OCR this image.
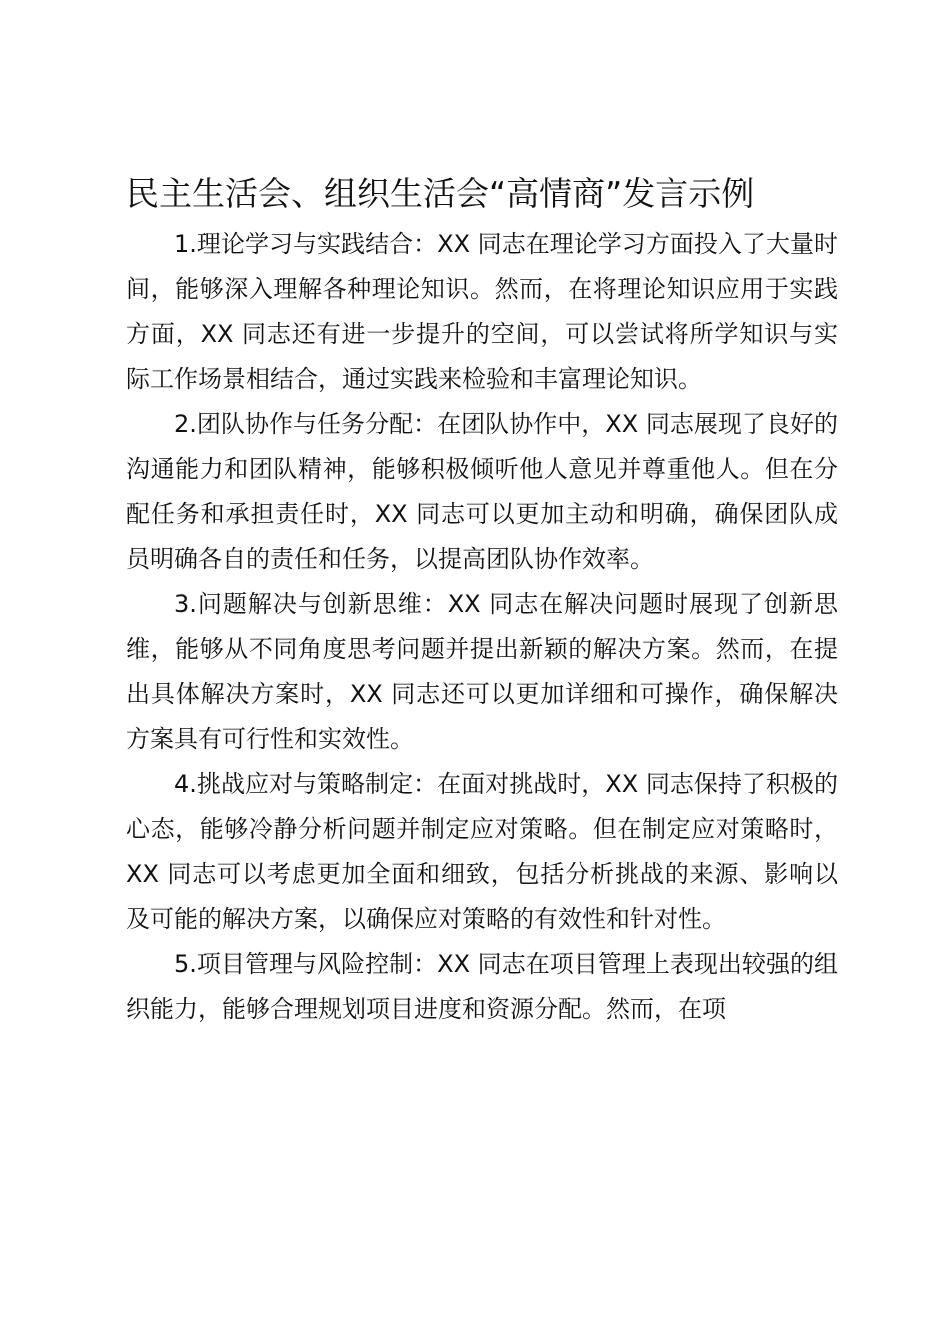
民主生活会、组织生活会“高情商”发言示例

1.理论学习与实践结合：XX 同志在理论学习方面投入了大量时间，能够深入理解各种理论知识。然而，在将理论知识应用于实践方面，XX 同志还有进一步提升的空间，可以尝试将所学知识与实际工作场景相结合，通过实践来检验和丰富理论知识。

2.团队协作与任务分配：在团队协作中，XX 同志展现了良好的沟通能力和团队精神，能够积极倾听他人意见并尊重他人。但在分配任务和承担责任时，XX 同志可以更加主动和明确，确保团队成员明确各自的责任和任务，以提高团队协作效率。

3.问题解决与创新思维：XX 同志在解决问题时展现了创新思维，能够从不同角度思考问题并提出新颖的解决方案。然而，在提出具体解决方案时，XX 同志还可以更加详细和可操作，确保解决方案具有可行性和实效性。

4.挑战应对与策略制定：在面对挑战时，XX 同志保持了积极的心态，能够冷静分析问题并制定应对策略。但在制定应对策略时，XX 同志可以考虑更加全面和细致，包括分析挑战的来源、影响以及可能的解决方案，以确保应对策略的有效性和针对性。

5.项目管理与风险控制：XX 同志在项目管理上表现出较强的组织能力，能够合理规划项目进度和资源分配。然而，在项
